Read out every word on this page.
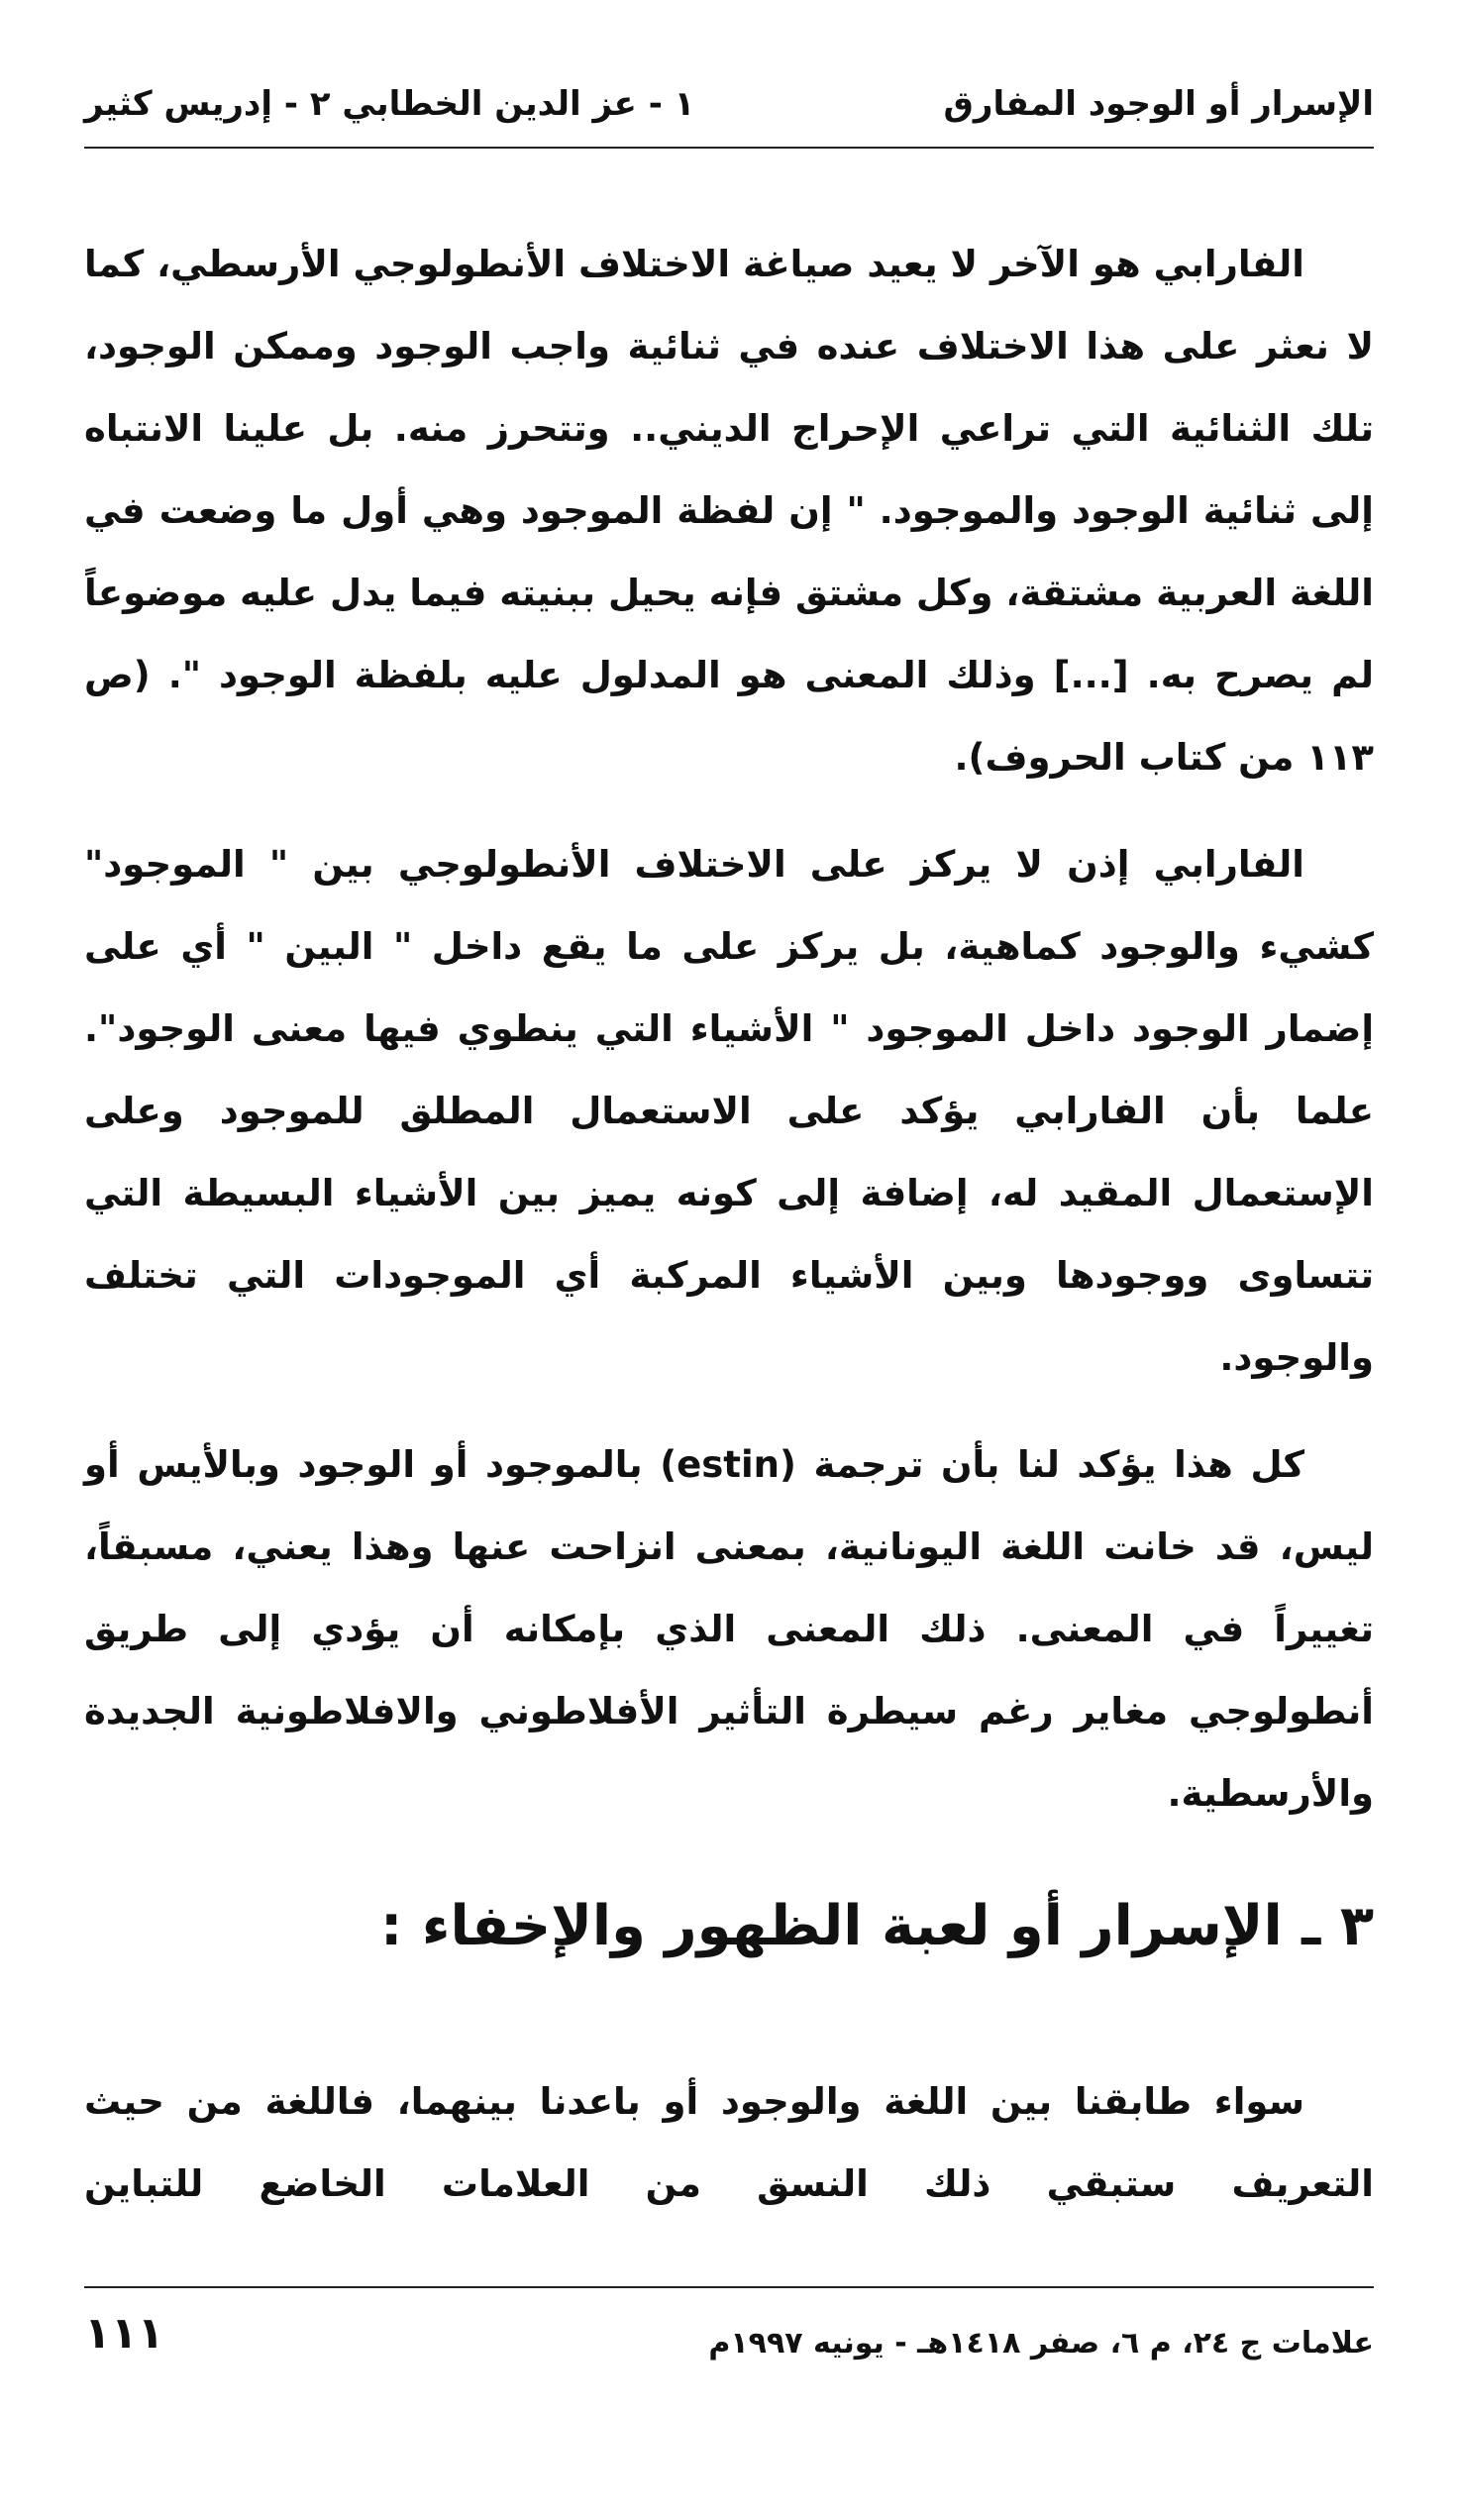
الإسرار أو الوجود المفارق
١ - عز الدين الخطابي ٢ - إدريس كثير

الفارابي هو الآخر لا يعيد صياغة الاختلاف الأنطولوجي الأرسطي، كما لا نعثر على هذا الاختلاف عنده في ثنائية واجب الوجود وممكن الوجود، تلك الثنائية التي تراعي الإحراج الديني.. وتتحرز منه. بل علينا الانتباه إلى ثنائية الوجود والموجود. " إن لفظة الموجود وهي أول ما وضعت في اللغة العربية مشتقة، وكل مشتق فإنه يحيل ببنيته فيما يدل عليه موضوعاً لم يصرح به. [...] وذلك المعنى هو المدلول عليه بلفظة الوجود ". (ص ١١٣ من كتاب الحروف).

الفارابي إذن لا يركز على الاختلاف الأنطولوجي بين " الموجود" كشيء والوجود كماهية، بل يركز على ما يقع داخل " البين " أي على إضمار الوجود داخل الموجود " الأشياء التي ينطوي فيها معنى الوجود". علما بأن الفارابي يؤكد على الاستعمال المطلق للموجود وعلى الإستعمال المقيد له، إضافة إلى كونه يميز بين الأشياء البسيطة التي تتساوى ووجودها وبين الأشياء المركبة أي الموجودات التي تختلف والوجود.

كل هذا يؤكد لنا بأن ترجمة (estin) بالموجود أو الوجود وبالأيس أو ليس، قد خانت اللغة اليونانية، بمعنى انزاحت عنها وهذا يعني، مسبقاً، تغييراً في المعنى. ذلك المعنى الذي بإمكانه أن يؤدي إلى طريق أنطولوجي مغاير رغم سيطرة التأثير الأفلاطوني والافلاطونية الجديدة والأرسطية.

٣ ـ الإسرار أو لعبة الظهور والإخفاء :

سواء طابقنا بين اللغة والوجود أو باعدنا بينهما، فاللغة من حيث التعريف ستبقي ذلك النسق من العلامات الخاضع للتباين

علامات ج ٢٤، م ٦، صفر ١٤١٨هـ - يونيه ١٩٩٧م
١١١
